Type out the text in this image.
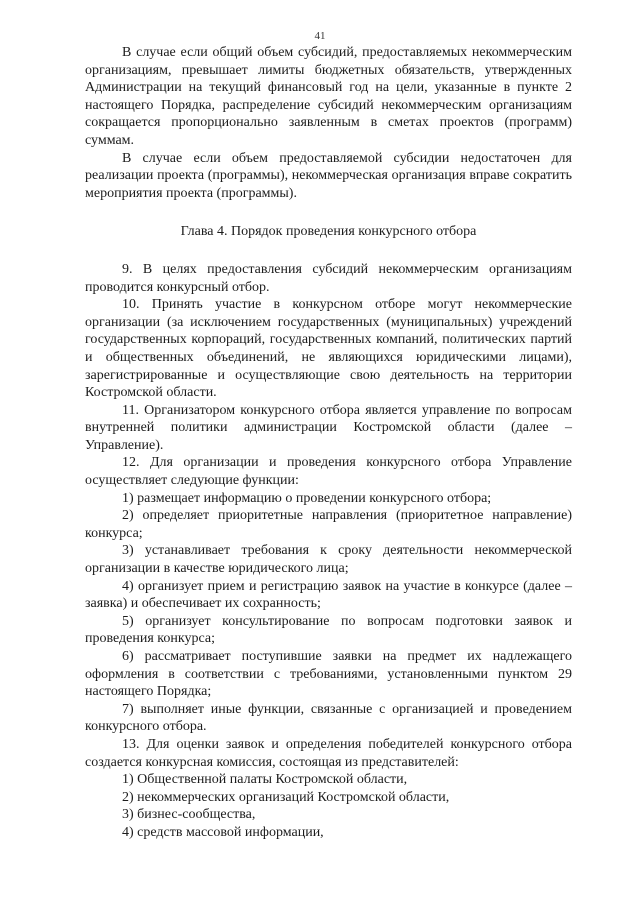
41

В случае если общий объем субсидий, предоставляемых некоммерческим организациям, превышает лимиты бюджетных обязательств, утвержденных Администрации на текущий финансовый год на цели, указанные в пункте 2 настоящего Порядка, распределение субсидий некоммерческим организациям сокращается пропорционально заявленным в сметах проектов (программ) суммам.

В случае если объем предоставляемой субсидии недостаточен для реализации проекта (программы), некоммерческая организация вправе сократить мероприятия проекта (программы).

Глава 4. Порядок проведения конкурсного отбора

9. В целях предоставления субсидий некоммерческим организациям проводится конкурсный отбор.

10. Принять участие в конкурсном отборе могут некоммерческие организации (за исключением государственных (муниципальных) учреждений государственных корпораций, государственных компаний, политических партий и общественных объединений, не являющихся юридическими лицами), зарегистрированные и осуществляющие свою деятельность на территории Костромской области.

11. Организатором конкурсного отбора является управление по вопросам внутренней политики администрации Костромской области (далее – Управление).

12. Для организации и проведения конкурсного отбора Управление осуществляет следующие функции:

1) размещает информацию о проведении конкурсного отбора;

2) определяет приоритетные направления (приоритетное направление) конкурса;

3) устанавливает требования к сроку деятельности некоммерческой организации в качестве юридического лица;

4) организует прием и регистрацию заявок на участие в конкурсе (далее – заявка) и обеспечивает их сохранность;

5) организует консультирование по вопросам подготовки заявок и проведения конкурса;

6) рассматривает поступившие заявки на предмет их надлежащего оформления в соответствии с требованиями, установленными пунктом 29 настоящего Порядка;

7) выполняет иные функции, связанные с организацией и проведением конкурсного отбора.

13. Для оценки заявок и определения победителей конкурсного отбора создается конкурсная комиссия, состоящая из представителей:

1) Общественной палаты Костромской области,

2) некоммерческих организаций Костромской области,

3) бизнес-сообщества,

4) средств массовой информации,
